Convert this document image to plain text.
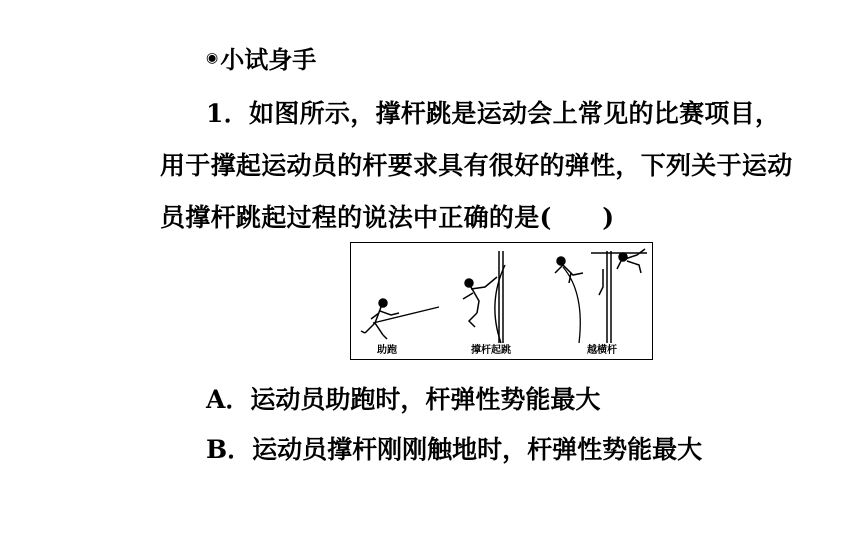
◉ 小试身手
1．如图所示，撑杆跳是运动会上常见的比赛项目，
用于撑起运动员的杆要求具有很好的弹性，下列关于运动
员撑杆跳起过程的说法中正确的是(　　)
助跑	撑杆起跳	越横杆
A．运动员助跑时，杆弹性势能最大
B．运动员撑杆刚刚触地时，杆弹性势能最大
